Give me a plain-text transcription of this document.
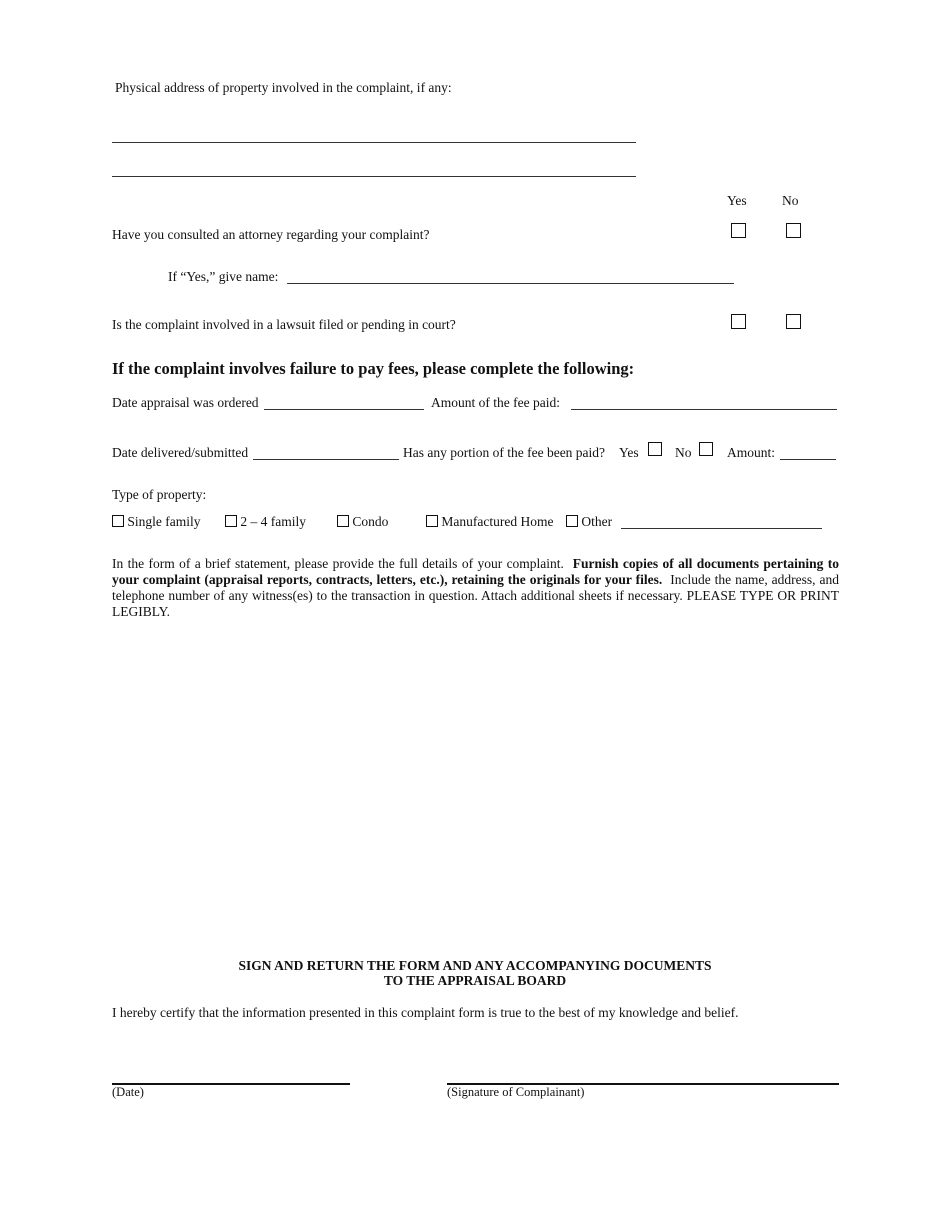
Physical address of property involved in the complaint, if any:
Yes	No
Have you consulted an attorney regarding your complaint?
If “Yes,” give name:
Is the complaint involved in a lawsuit filed or pending in court?
If the complaint involves failure to pay fees, please complete the following:
Date appraisal was ordered	Amount of the fee paid:
Date delivered/submitted	Has any portion of the fee been paid? Yes	No	Amount:
Type of property:
Single family	2 – 4 family	Condo	Manufactured Home	Other
In the form of a brief statement, please provide the full details of your complaint. Furnish copies of all documents pertaining to your complaint (appraisal reports, contracts, letters, etc.), retaining the originals for your files. Include the name, address, and telephone number of any witness(es) to the transaction in question. Attach additional sheets if necessary. PLEASE TYPE OR PRINT LEGIBLY.
SIGN AND RETURN THE FORM AND ANY ACCOMPANYING DOCUMENTS
TO THE APPRAISAL BOARD
I hereby certify that the information presented in this complaint form is true to the best of my knowledge and belief.
(Date)	(Signature of Complainant)
